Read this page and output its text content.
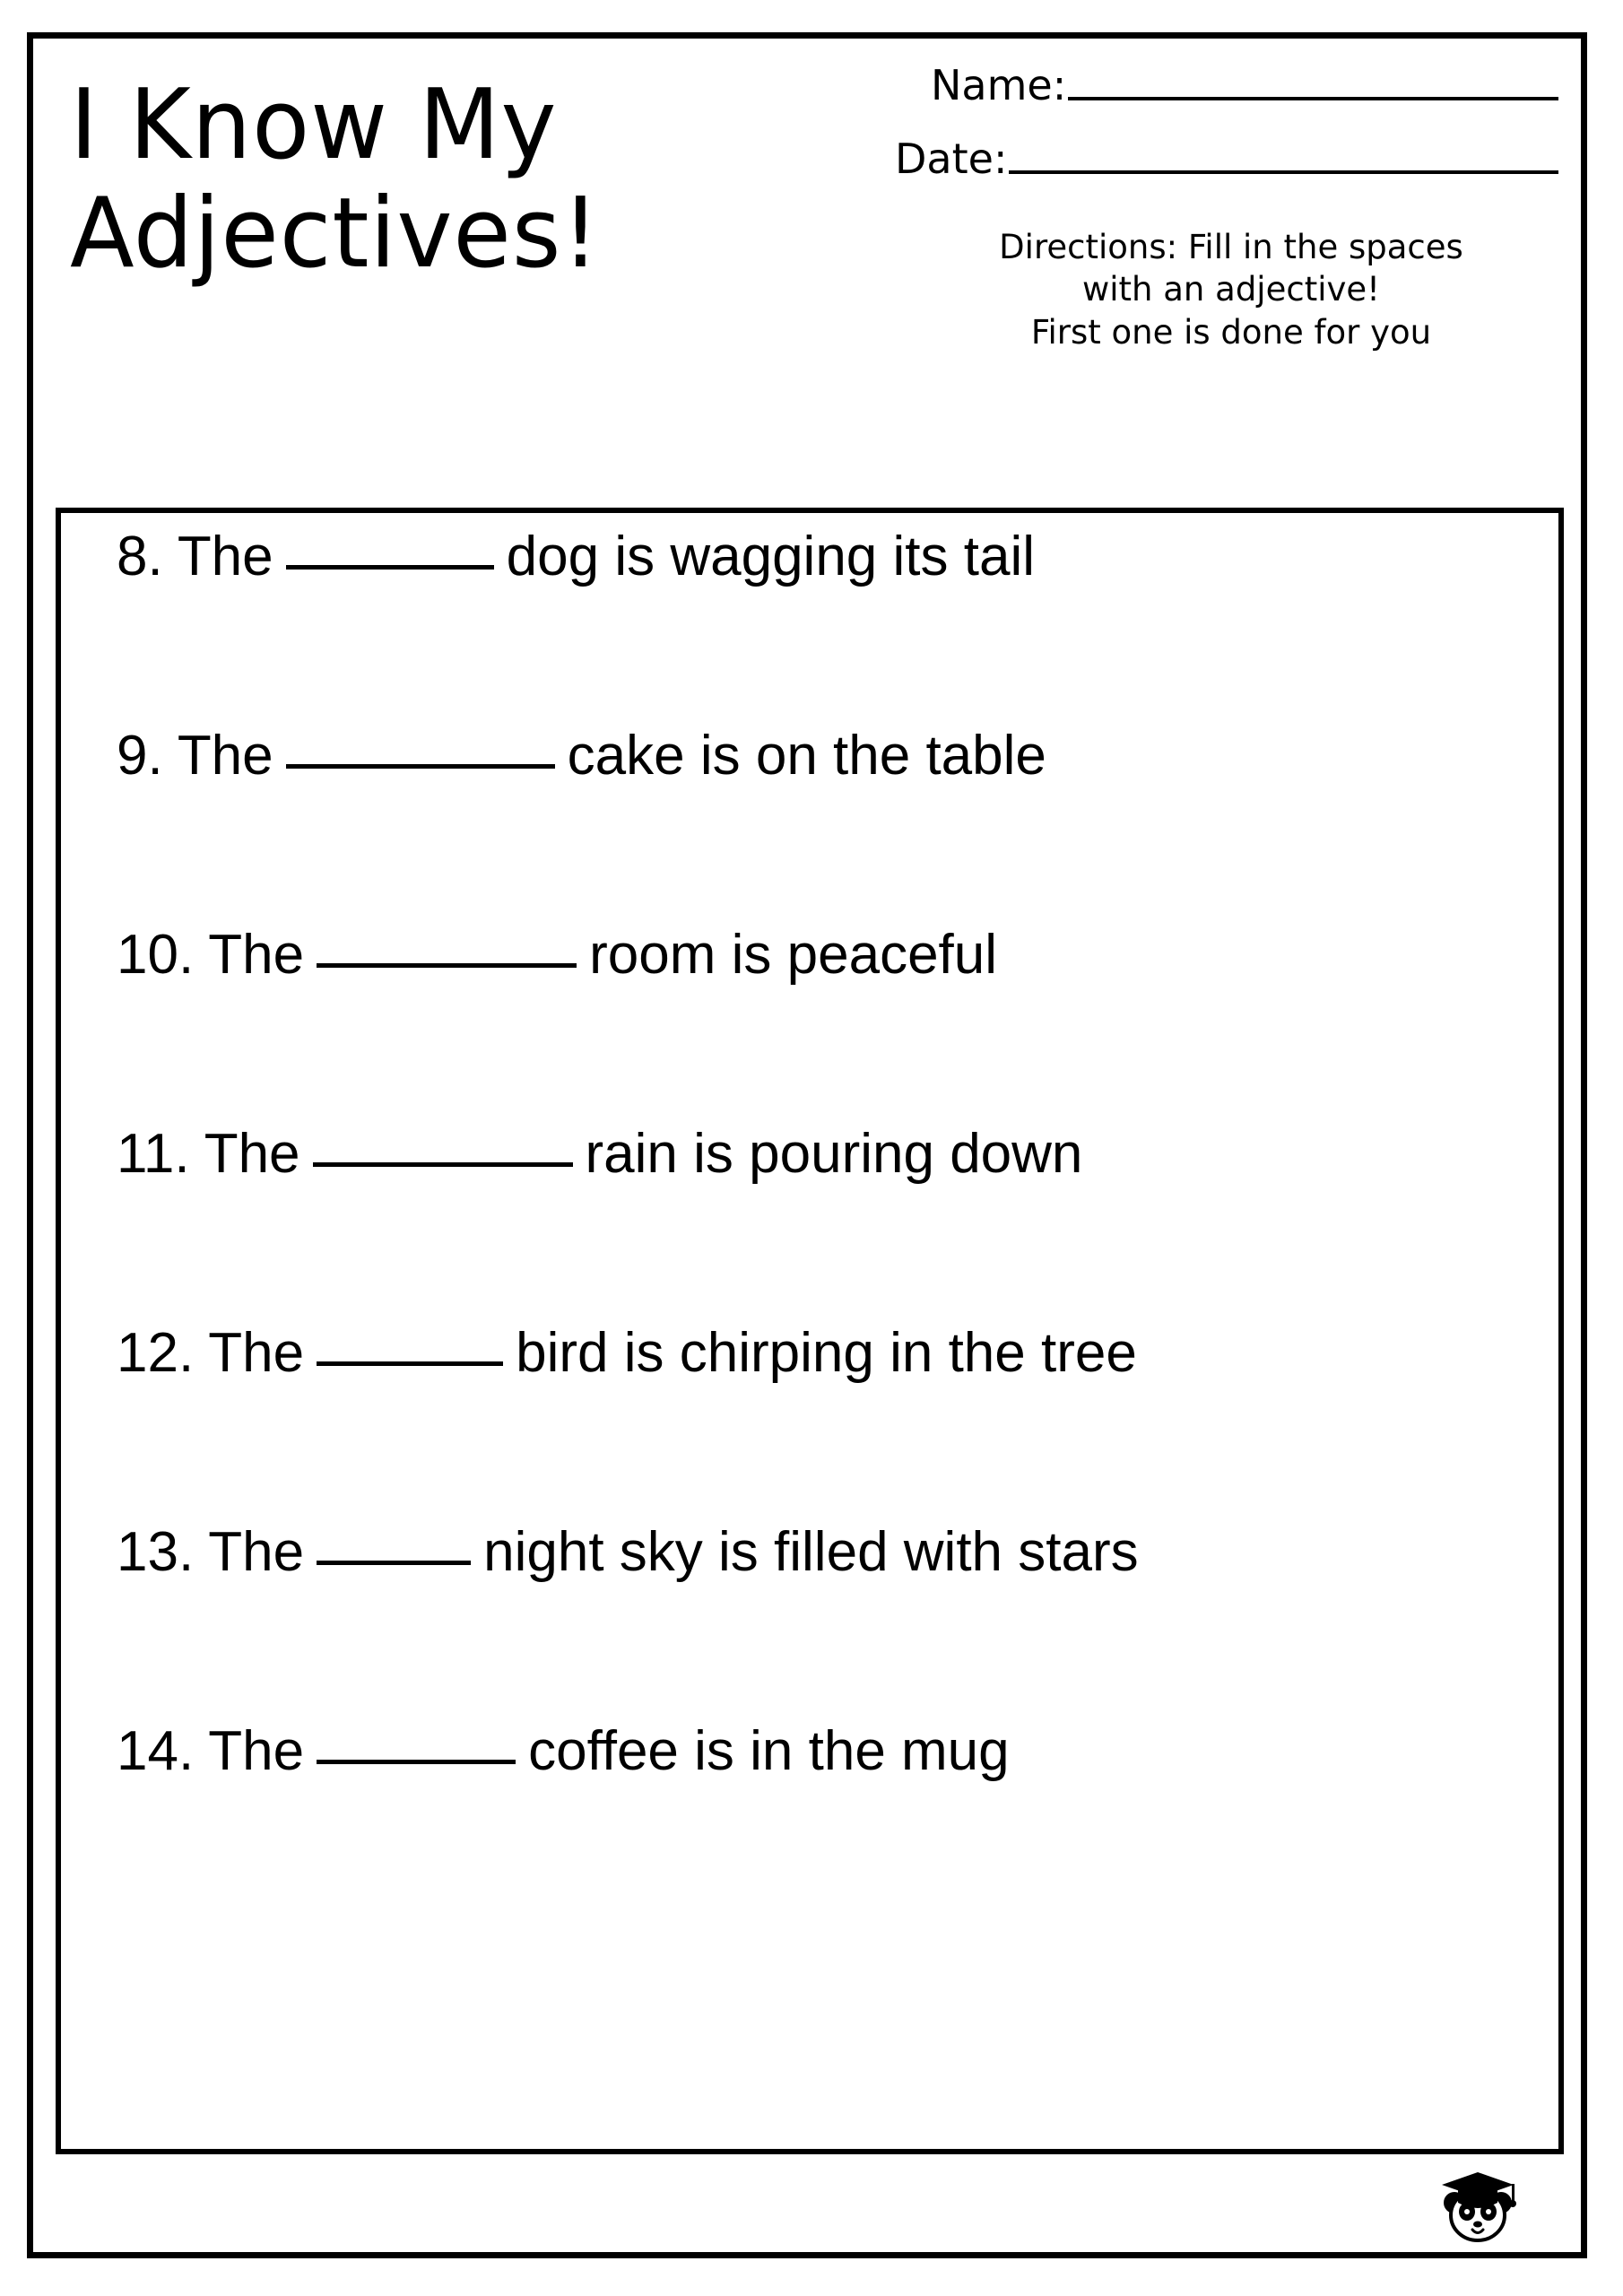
I Know My
Adjectives!
Name:
Date:
Directions: Fill in the spaces
with an adjective!
First one is done for you
8. The	dog is wagging its tail
9. The	cake is on the table
10. The	room is peaceful
11. The	rain is pouring down
12. The	bird is chirping in the tree
13. The	night sky is filled with stars
14. The	coffee is in the mug
